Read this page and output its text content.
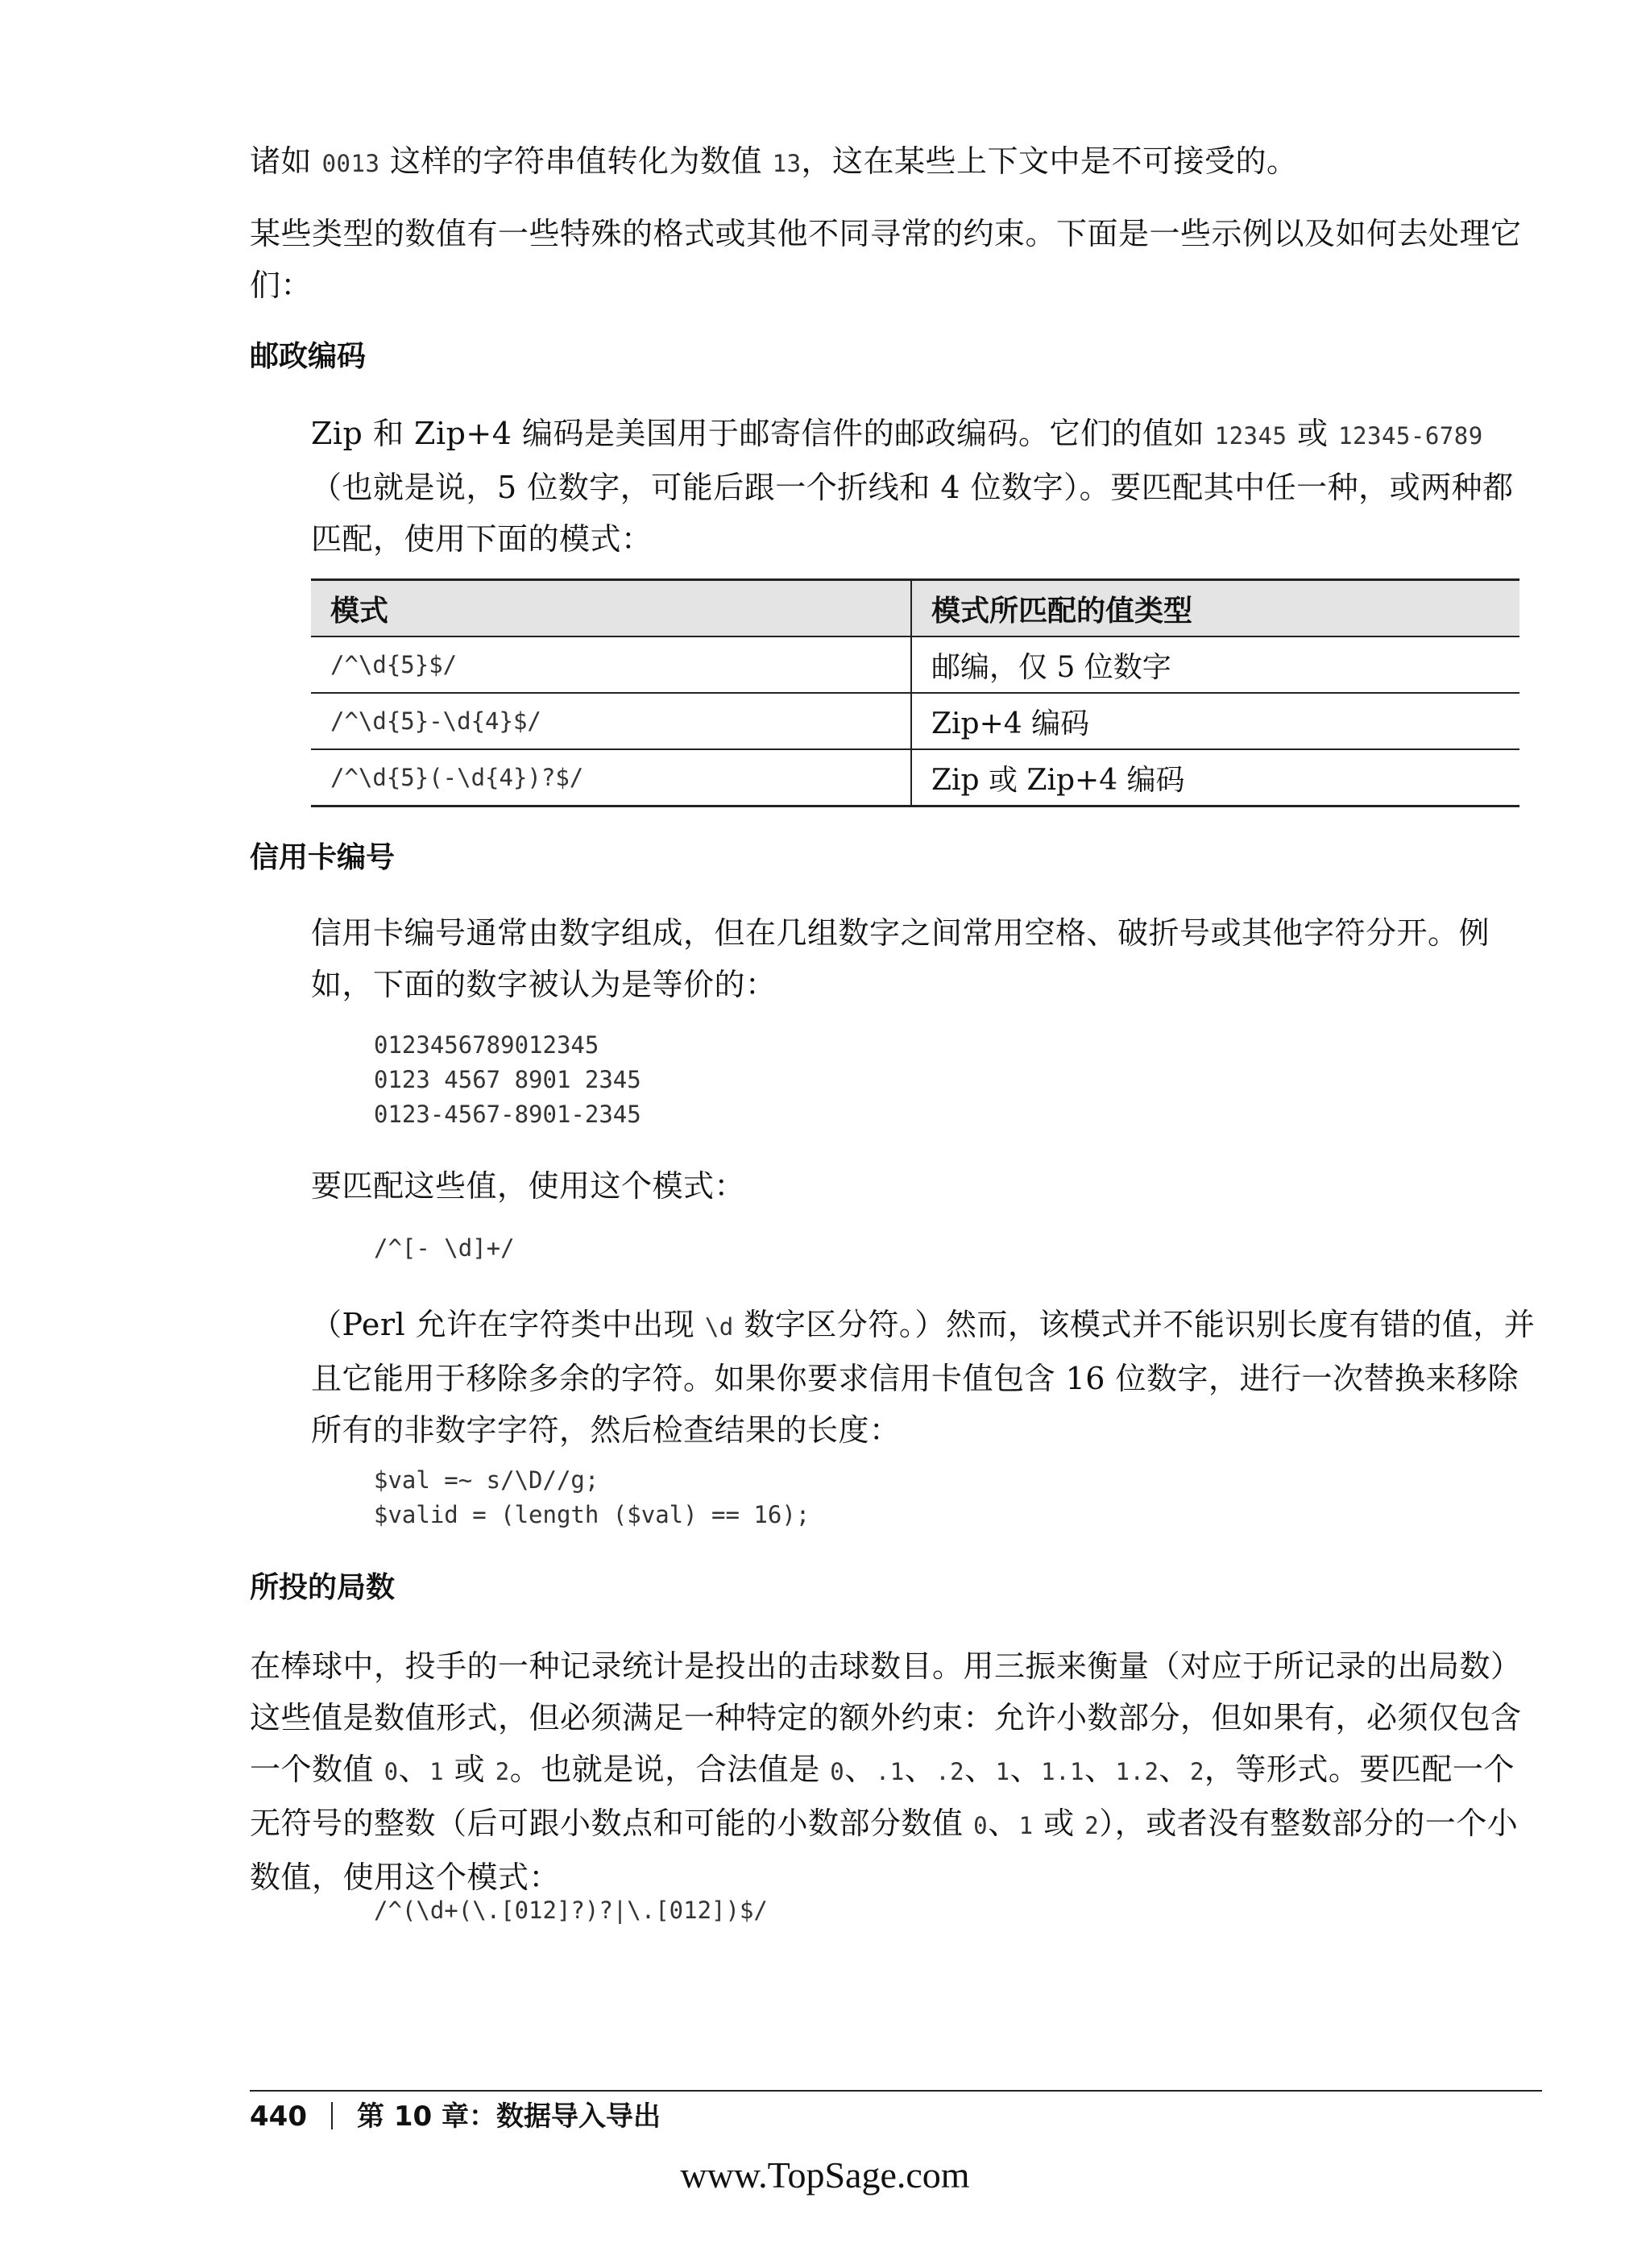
诸如 0013 这样的字符串值转化为数值 13，这在某些上下文中是不可接受的。

某些类型的数值有一些特殊的格式或其他不同寻常的约束。下面是一些示例以及如何去处理它们：

邮政编码

Zip 和 Zip+4 编码是美国用于邮寄信件的邮政编码。它们的值如 12345 或 12345-6789（也就是说，5 位数字，可能后跟一个折线和 4 位数字）。要匹配其中任一种，或两种都匹配，使用下面的模式：

模式	模式所匹配的值类型
/^\d{5}$/	邮编，仅 5 位数字
/^\d{5}-\d{4}$/	Zip+4 编码
/^\d{5}(-\d{4})?$/	Zip 或 Zip+4 编码
信用卡编号

信用卡编号通常由数字组成，但在几组数字之间常用空格、破折号或其他字符分开。例如，下面的数字被认为是等价的：

0123456789012345
0123 4567 8901 2345
0123-4567-8901-2345

要匹配这些值，使用这个模式：

/^[- \d]+/

（Perl 允许在字符类中出现 \d 数字区分符。）然而，该模式并不能识别长度有错的值，并且它能用于移除多余的字符。如果你要求信用卡值包含 16 位数字，进行一次替换来移除所有的非数字字符，然后检查结果的长度：

$val =~ s/\D//g;
$valid = (length ($val) == 16);
所投的局数

在棒球中，投手的一种记录统计是投出的击球数目。用三振来衡量（对应于所记录的出局数）这些值是数值形式，但必须满足一种特定的额外约束：允许小数部分，但如果有，必须仅包含一个数值 0、1 或 2。也就是说，合法值是 0、.1、.2、1、1.1、1.2、2，等形式。要匹配一个无符号的整数（后可跟小数点和可能的小数部分数值 0、1 或 2），或者没有整数部分的一个小数值，使用这个模式：

/^(\d+(\.[012]?)?|\.[012])$/
440 第 10 章：数据导入导出
www.TopSage.com
